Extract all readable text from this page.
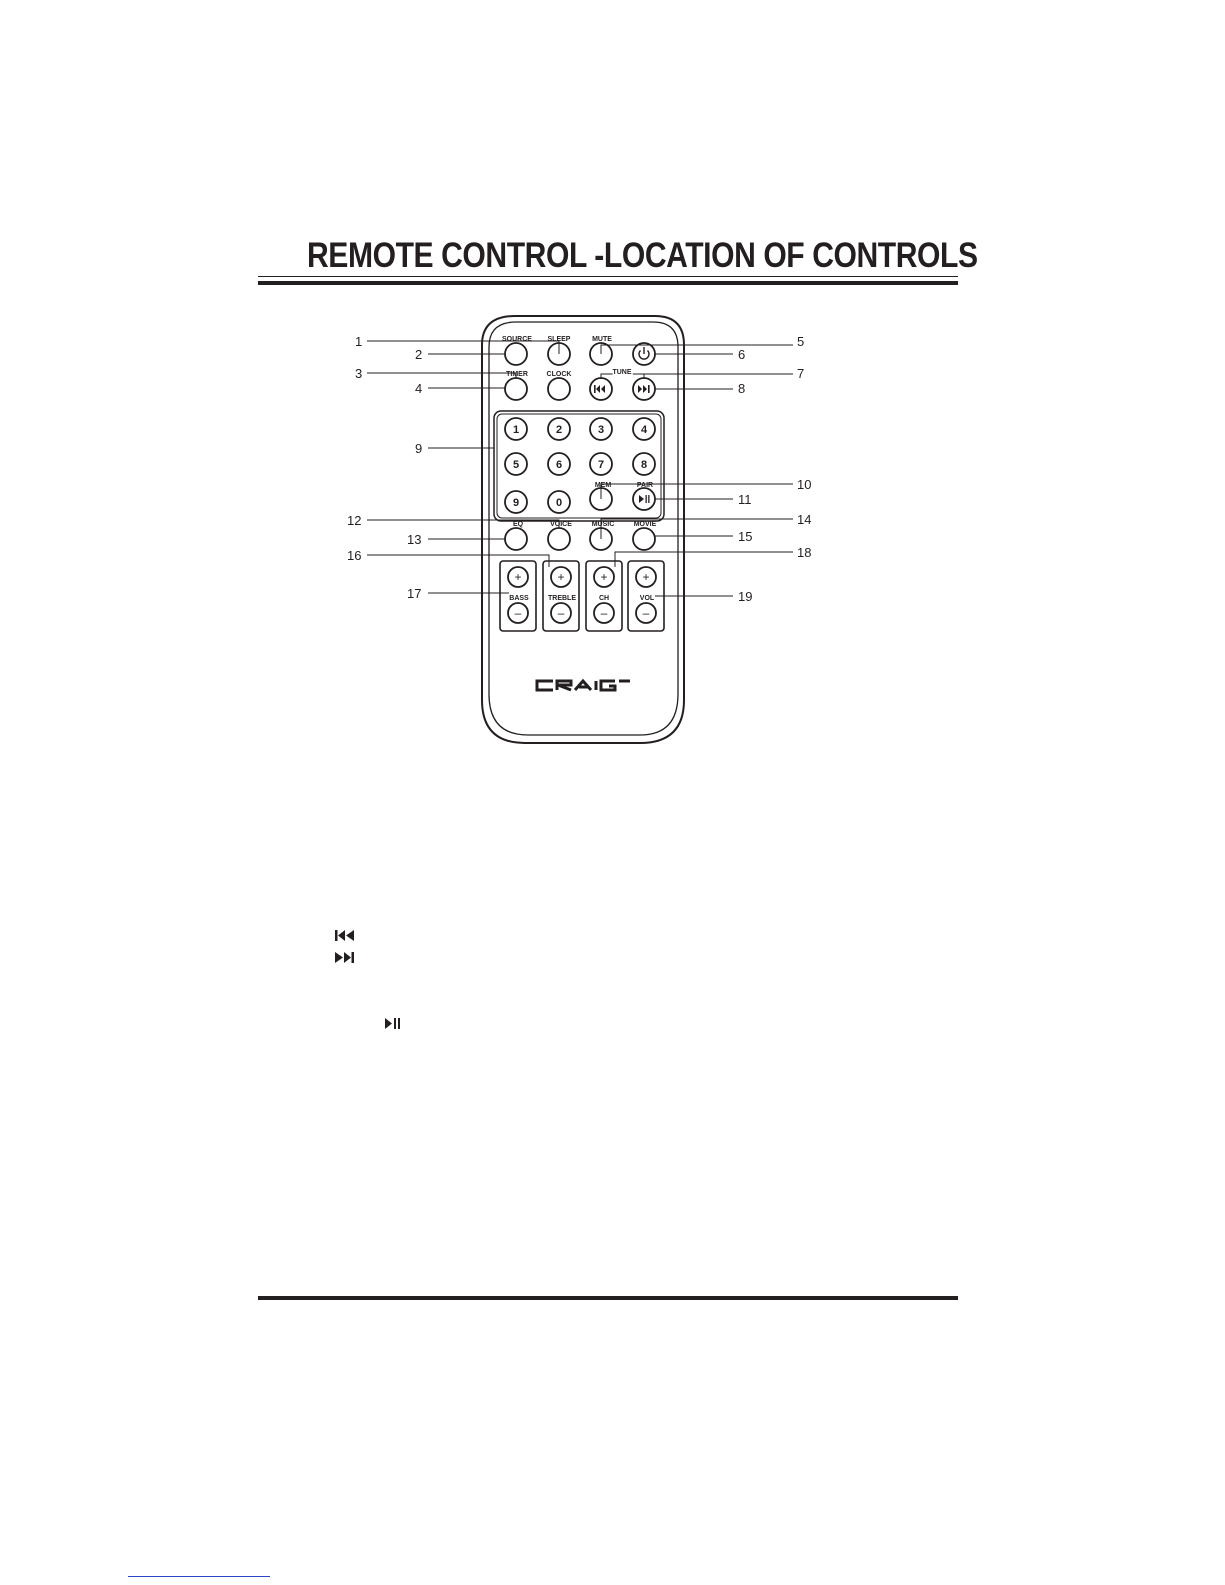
REMOTE CONTROL -LOCATION OF CONTROLS
SOURCE SLEEP	MUTE
TIMER	CLOCK	TUNE
MEM	PAIR
EQ	VOICE	MUSIC	MOVIE
BASS	TREBLE	CH	VOL
1	2	3	4
5	6	7	8
9	0
+
–
+
–
+
–
+
–
1
2
3
4
5
6
7
8
9
10
11
12
13
14
15
16
17
18
19
